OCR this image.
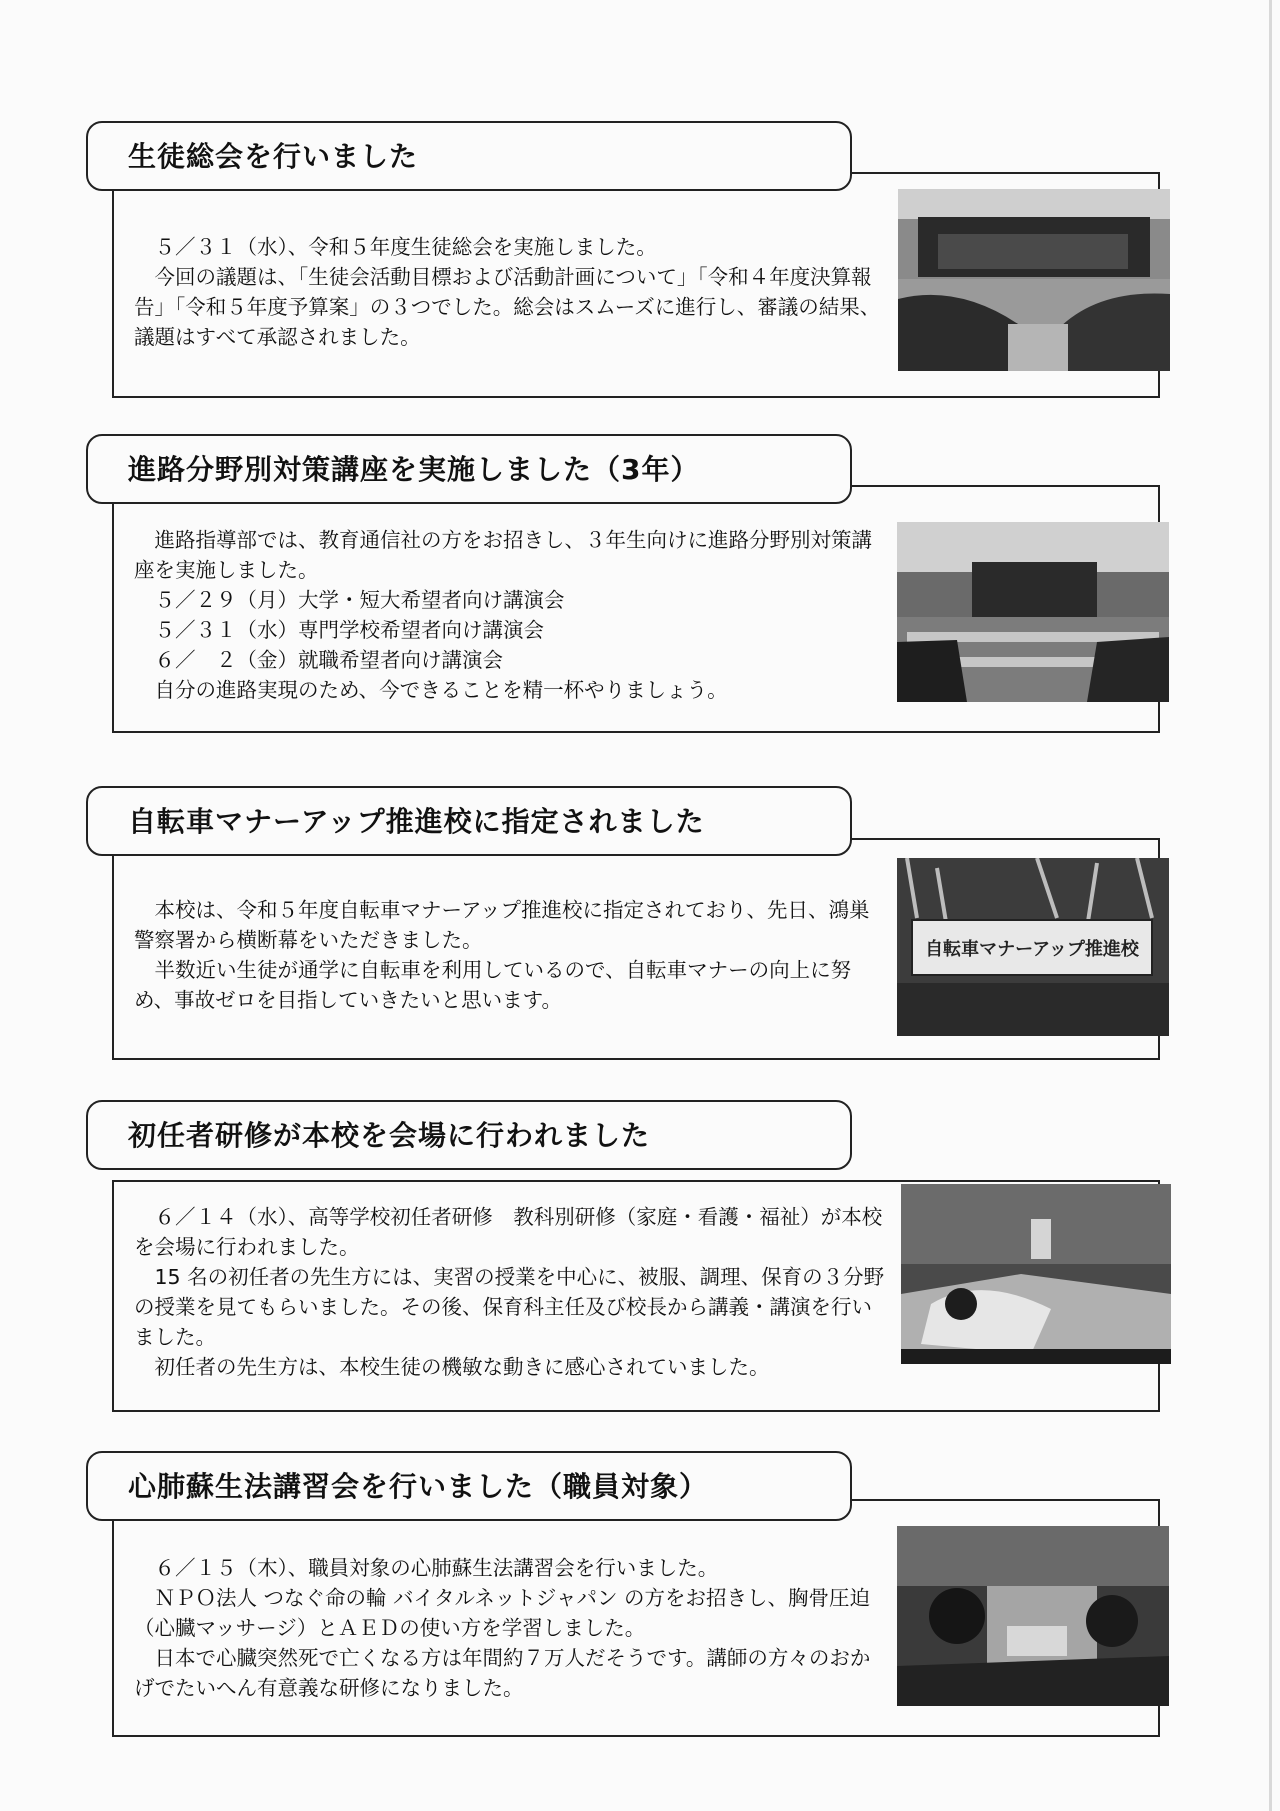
５／３１（水）、令和５年度生徒総会を実施しました。

今回の議題は、「生徒会活動目標および活動計画について」「令和４年度決算報告」「令和５年度予算案」の３つでした。総会はスムーズに進行し、審議の結果、議題はすべて承認されました。

生徒総会を行いました

進路指導部では、教育通信社の方をお招きし、３年生向けに進路分野別対策講座を実施しました。

５／２９（月）大学・短大希望者向け講演会

５／３１（水）専門学校希望者向け講演会

６／　２（金）就職希望者向け講演会

自分の進路実現のため、今できることを精一杯やりましょう。

進路分野別対策講座を実施しました（3年）

本校は、令和５年度自転車マナーアップ推進校に指定されており、先日、鴻巣警察署から横断幕をいただきました。

半数近い生徒が通学に自転車を利用しているので、自転車マナーの向上に努め、事故ゼロを目指していきたいと思います。

自転車マナーアップ推進校に指定されました
自転車マナーアップ推進校

６／１４（水）、高等学校初任者研修　教科別研修（家庭・看護・福祉）が本校を会場に行われました。

15 名の初任者の先生方には、実習の授業を中心に、被服、調理、保育の３分野の授業を見てもらいました。その後、保育科主任及び校長から講義・講演を行いました。

初任者の先生方は、本校生徒の機敏な動きに感心されていました。

初任者研修が本校を会場に行われました

６／１５（木）、職員対象の心肺蘇生法講習会を行いました。

ＮＰＯ法人 つなぐ命の輪 バイタルネットジャパン の方をお招きし、胸骨圧迫（心臓マッサージ）とＡＥＤの使い方を学習しました。

日本で心臓突然死で亡くなる方は年間約７万人だそうです。講師の方々のおかげでたいへん有意義な研修になりました。

心肺蘇生法講習会を行いました（職員対象）
